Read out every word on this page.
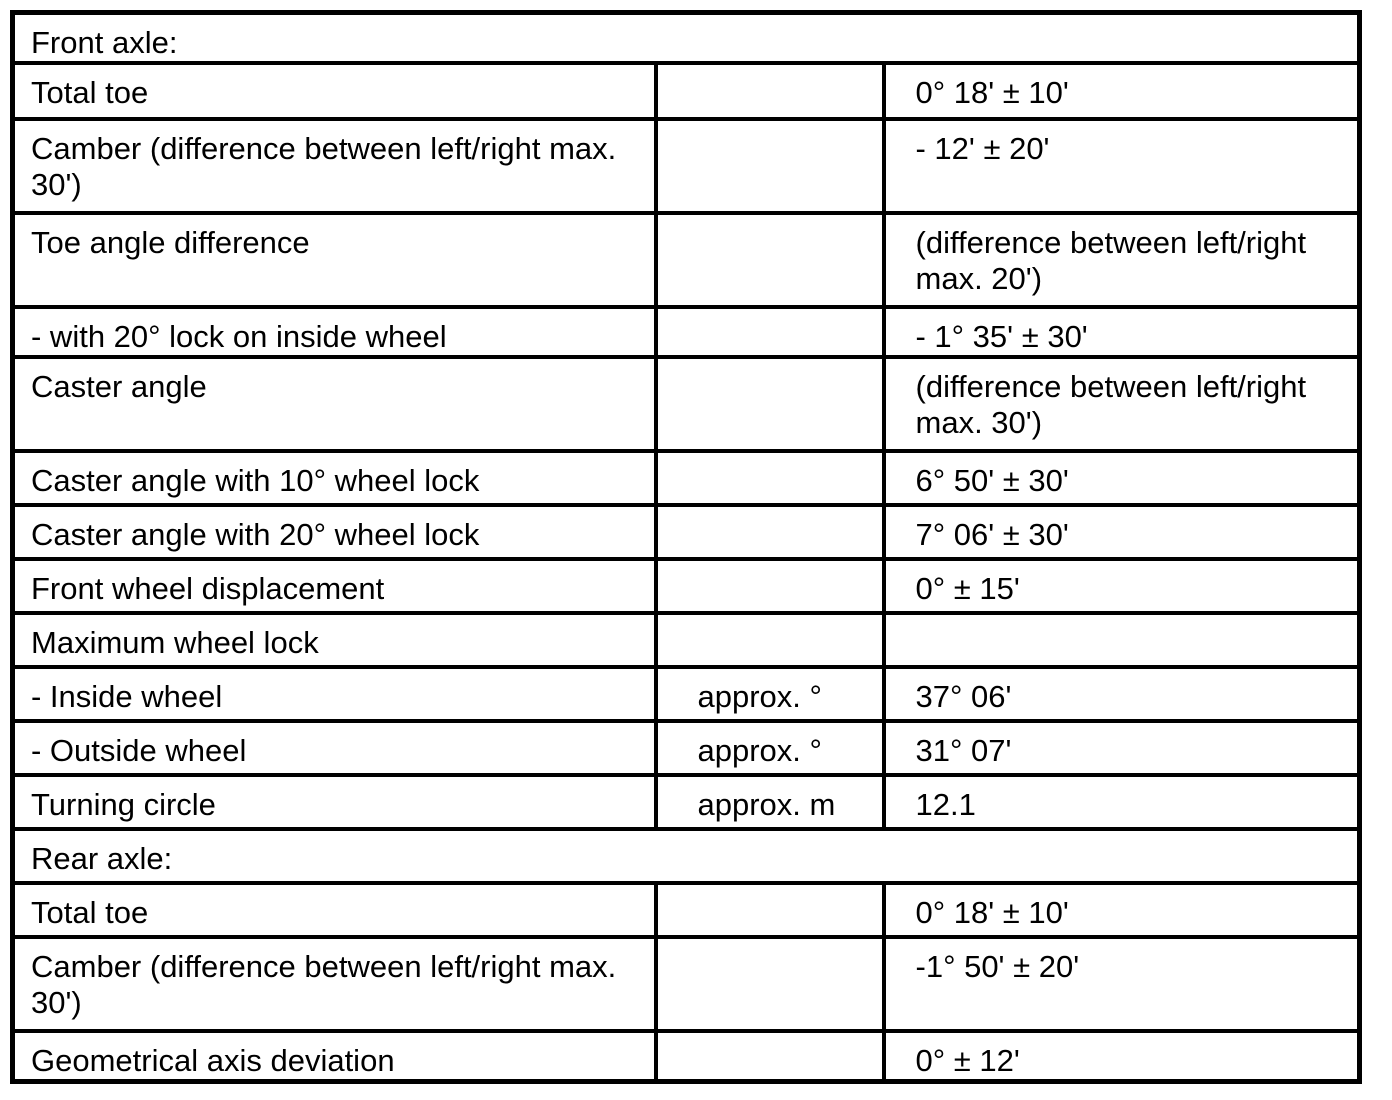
Front axle:		
Total toe		0° 18' ± 10'
Camber (difference between left/right max. 30')		- 12' ± 20'
Toe angle difference		(difference between left/right max. 20')
- with 20° lock on inside wheel		- 1° 35' ± 30'
Caster angle		(difference between left/right max. 30')
Caster angle with 10° wheel lock		6° 50' ± 30'
Caster angle with 20° wheel lock		7° 06' ± 30'
Front wheel displacement		0° ± 15'
Maximum wheel lock		
- Inside wheel	approx. °	37° 06'
- Outside wheel	approx. °	31° 07'
Turning circle	approx. m	12.1
Rear axle:		
Total toe		0° 18' ± 10'
Camber (difference between left/right max. 30')		-1° 50' ± 20'
Geometrical axis deviation		0° ± 12'
